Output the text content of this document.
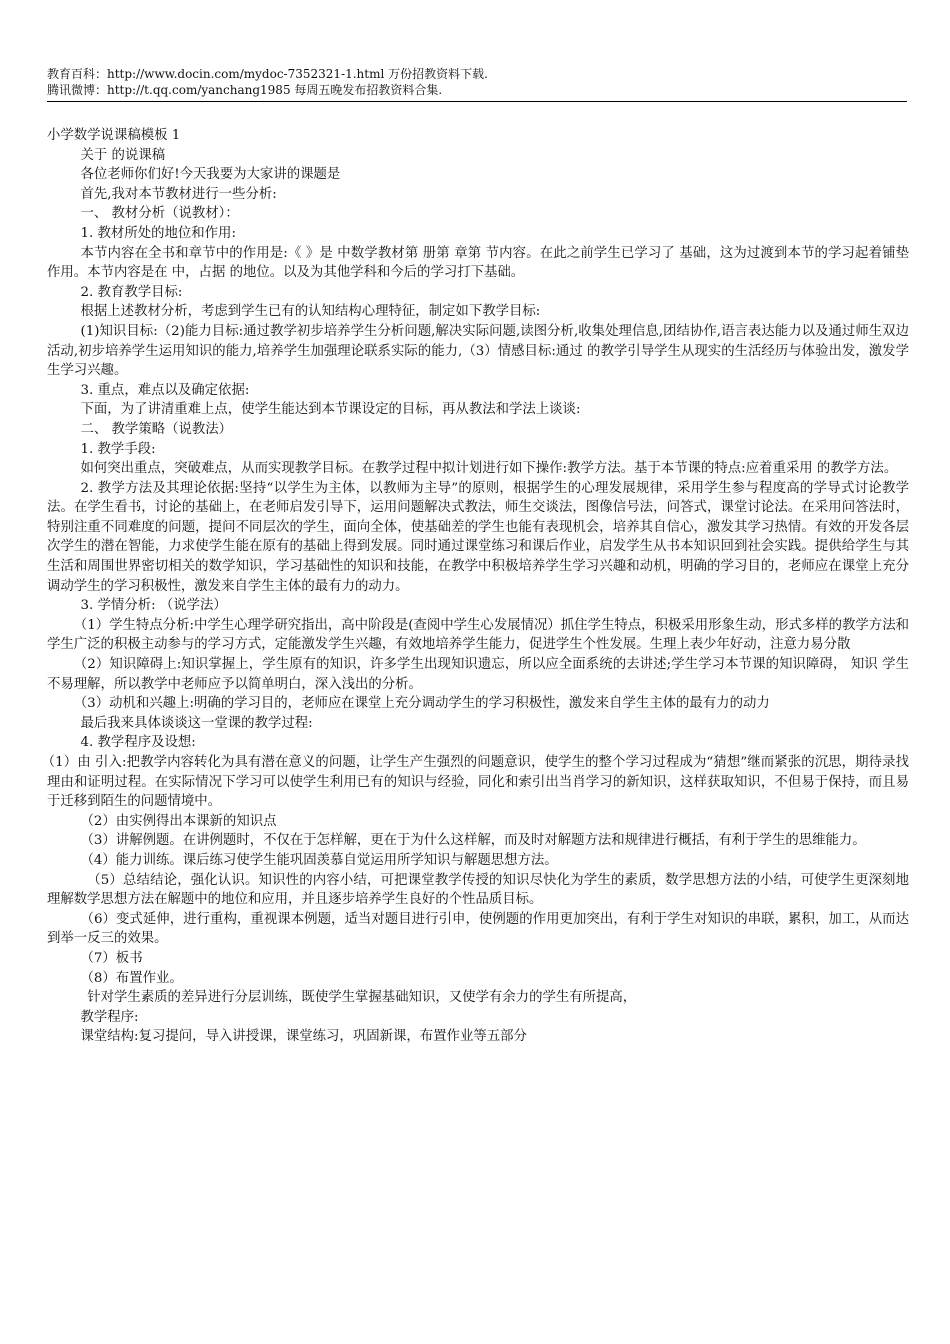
教育百科：http://www.docin.com/mydoc-7352321-1.html 万份招教资料下载.
腾讯微博：http://t.qq.com/yanchang1985 每周五晚发布招教资料合集.

小学数学说课稿模板 1

关于 的说课稿

各位老师你们好!今天我要为大家讲的课题是

首先,我对本节教材进行一些分析:

一、 教材分析（说教材）：

1. 教材所处的地位和作用:

本节内容在全书和章节中的作用是:《 》是 中数学教材第 册第 章第 节内容。在此之前学生已学习了 基础，这为过渡到本节的学习起着铺垫作用。本节内容是在 中，占据 的地位。以及为其他学科和今后的学习打下基础。

2. 教育教学目标:

根据上述教材分析，考虑到学生已有的认知结构心理特征，制定如下教学目标:

(1)知识目标:（2)能力目标:通过教学初步培养学生分析问题,解决实际问题,读图分析,收集处理信息,团结协作,语言表达能力以及通过师生双边活动,初步培养学生运用知识的能力,培养学生加强理论联系实际的能力,（3）情感目标:通过 的教学引导学生从现实的生活经历与体验出发，激发学生学习兴趣。

3. 重点，难点以及确定依据:

下面，为了讲清重难上点，使学生能达到本节课设定的目标，再从教法和学法上谈谈:

二、 教学策略（说教法）

1. 教学手段:

如何突出重点，突破难点，从而实现教学目标。在教学过程中拟计划进行如下操作:教学方法。基于本节课的特点:应着重采用 的教学方法。

2. 教学方法及其理论依据:坚持“以学生为主体，以教师为主导”的原则，根据学生的心理发展规律，采用学生参与程度高的学导式讨论教学法。在学生看书，讨论的基础上，在老师启发引导下，运用问题解决式教法，师生交谈法，图像信号法，问答式，课堂讨论法。在采用问答法时，特别注重不同难度的问题，提问不同层次的学生，面向全体，使基础差的学生也能有表现机会，培养其自信心，激发其学习热情。有效的开发各层次学生的潜在智能，力求使学生能在原有的基础上得到发展。同时通过课堂练习和课后作业，启发学生从书本知识回到社会实践。提供给学生与其生活和周围世界密切相关的数学知识，学习基础性的知识和技能，在教学中积极培养学生学习兴趣和动机，明确的学习目的，老师应在课堂上充分调动学生的学习积极性，激发来自学生主体的最有力的动力。

3. 学情分析: （说学法）

（1）学生特点分析:中学生心理学研究指出，高中阶段是(查阅中学生心发展情况）抓住学生特点，积极采用形象生动，形式多样的教学方法和学生广泛的积极主动参与的学习方式，定能激发学生兴趣，有效地培养学生能力，促进学生个性发展。生理上表少年好动，注意力易分散

（2）知识障碍上:知识掌握上，学生原有的知识，许多学生出现知识遗忘，所以应全面系统的去讲述;学生学习本节课的知识障碍， 知识 学生不易理解，所以教学中老师应予以简单明白，深入浅出的分析。

（3）动机和兴趣上:明确的学习目的，老师应在课堂上充分调动学生的学习积极性，激发来自学生主体的最有力的动力

最后我来具体谈谈这一堂课的教学过程:

4. 教学程序及设想:

（1）由 引入:把教学内容转化为具有潜在意义的问题，让学生产生强烈的问题意识，使学生的整个学习过程成为“猜想”继而紧张的沉思，期待录找理由和证明过程。在实际情况下学习可以使学生利用已有的知识与经验，同化和索引出当肖学习的新知识，这样获取知识，不但易于保持，而且易于迁移到陌生的问题情境中。

（2）由实例得出本课新的知识点

（3）讲解例题。在讲例题时，不仅在于怎样解，更在于为什么这样解，而及时对解题方法和规律进行概括，有利于学生的思维能力。

（4）能力训练。课后练习使学生能巩固羡慕自觉运用所学知识与解题思想方法。

（5）总结结论，强化认识。知识性的内容小结，可把课堂教学传授的知识尽快化为学生的素质，数学思想方法的小结，可使学生更深刻地理解数学思想方法在解题中的地位和应用，并且逐步培养学生良好的个性品质目标。

（6）变式延伸，进行重构，重视课本例题，适当对题目进行引申，使例题的作用更加突出，有利于学生对知识的串联，累积，加工，从而达到举一反三的效果。

（7）板书

（8）布置作业。

针对学生素质的差异进行分层训练，既使学生掌握基础知识，又使学有余力的学生有所提高，

教学程序:

课堂结构:复习提问，导入讲授课，课堂练习，巩固新课，布置作业等五部分
